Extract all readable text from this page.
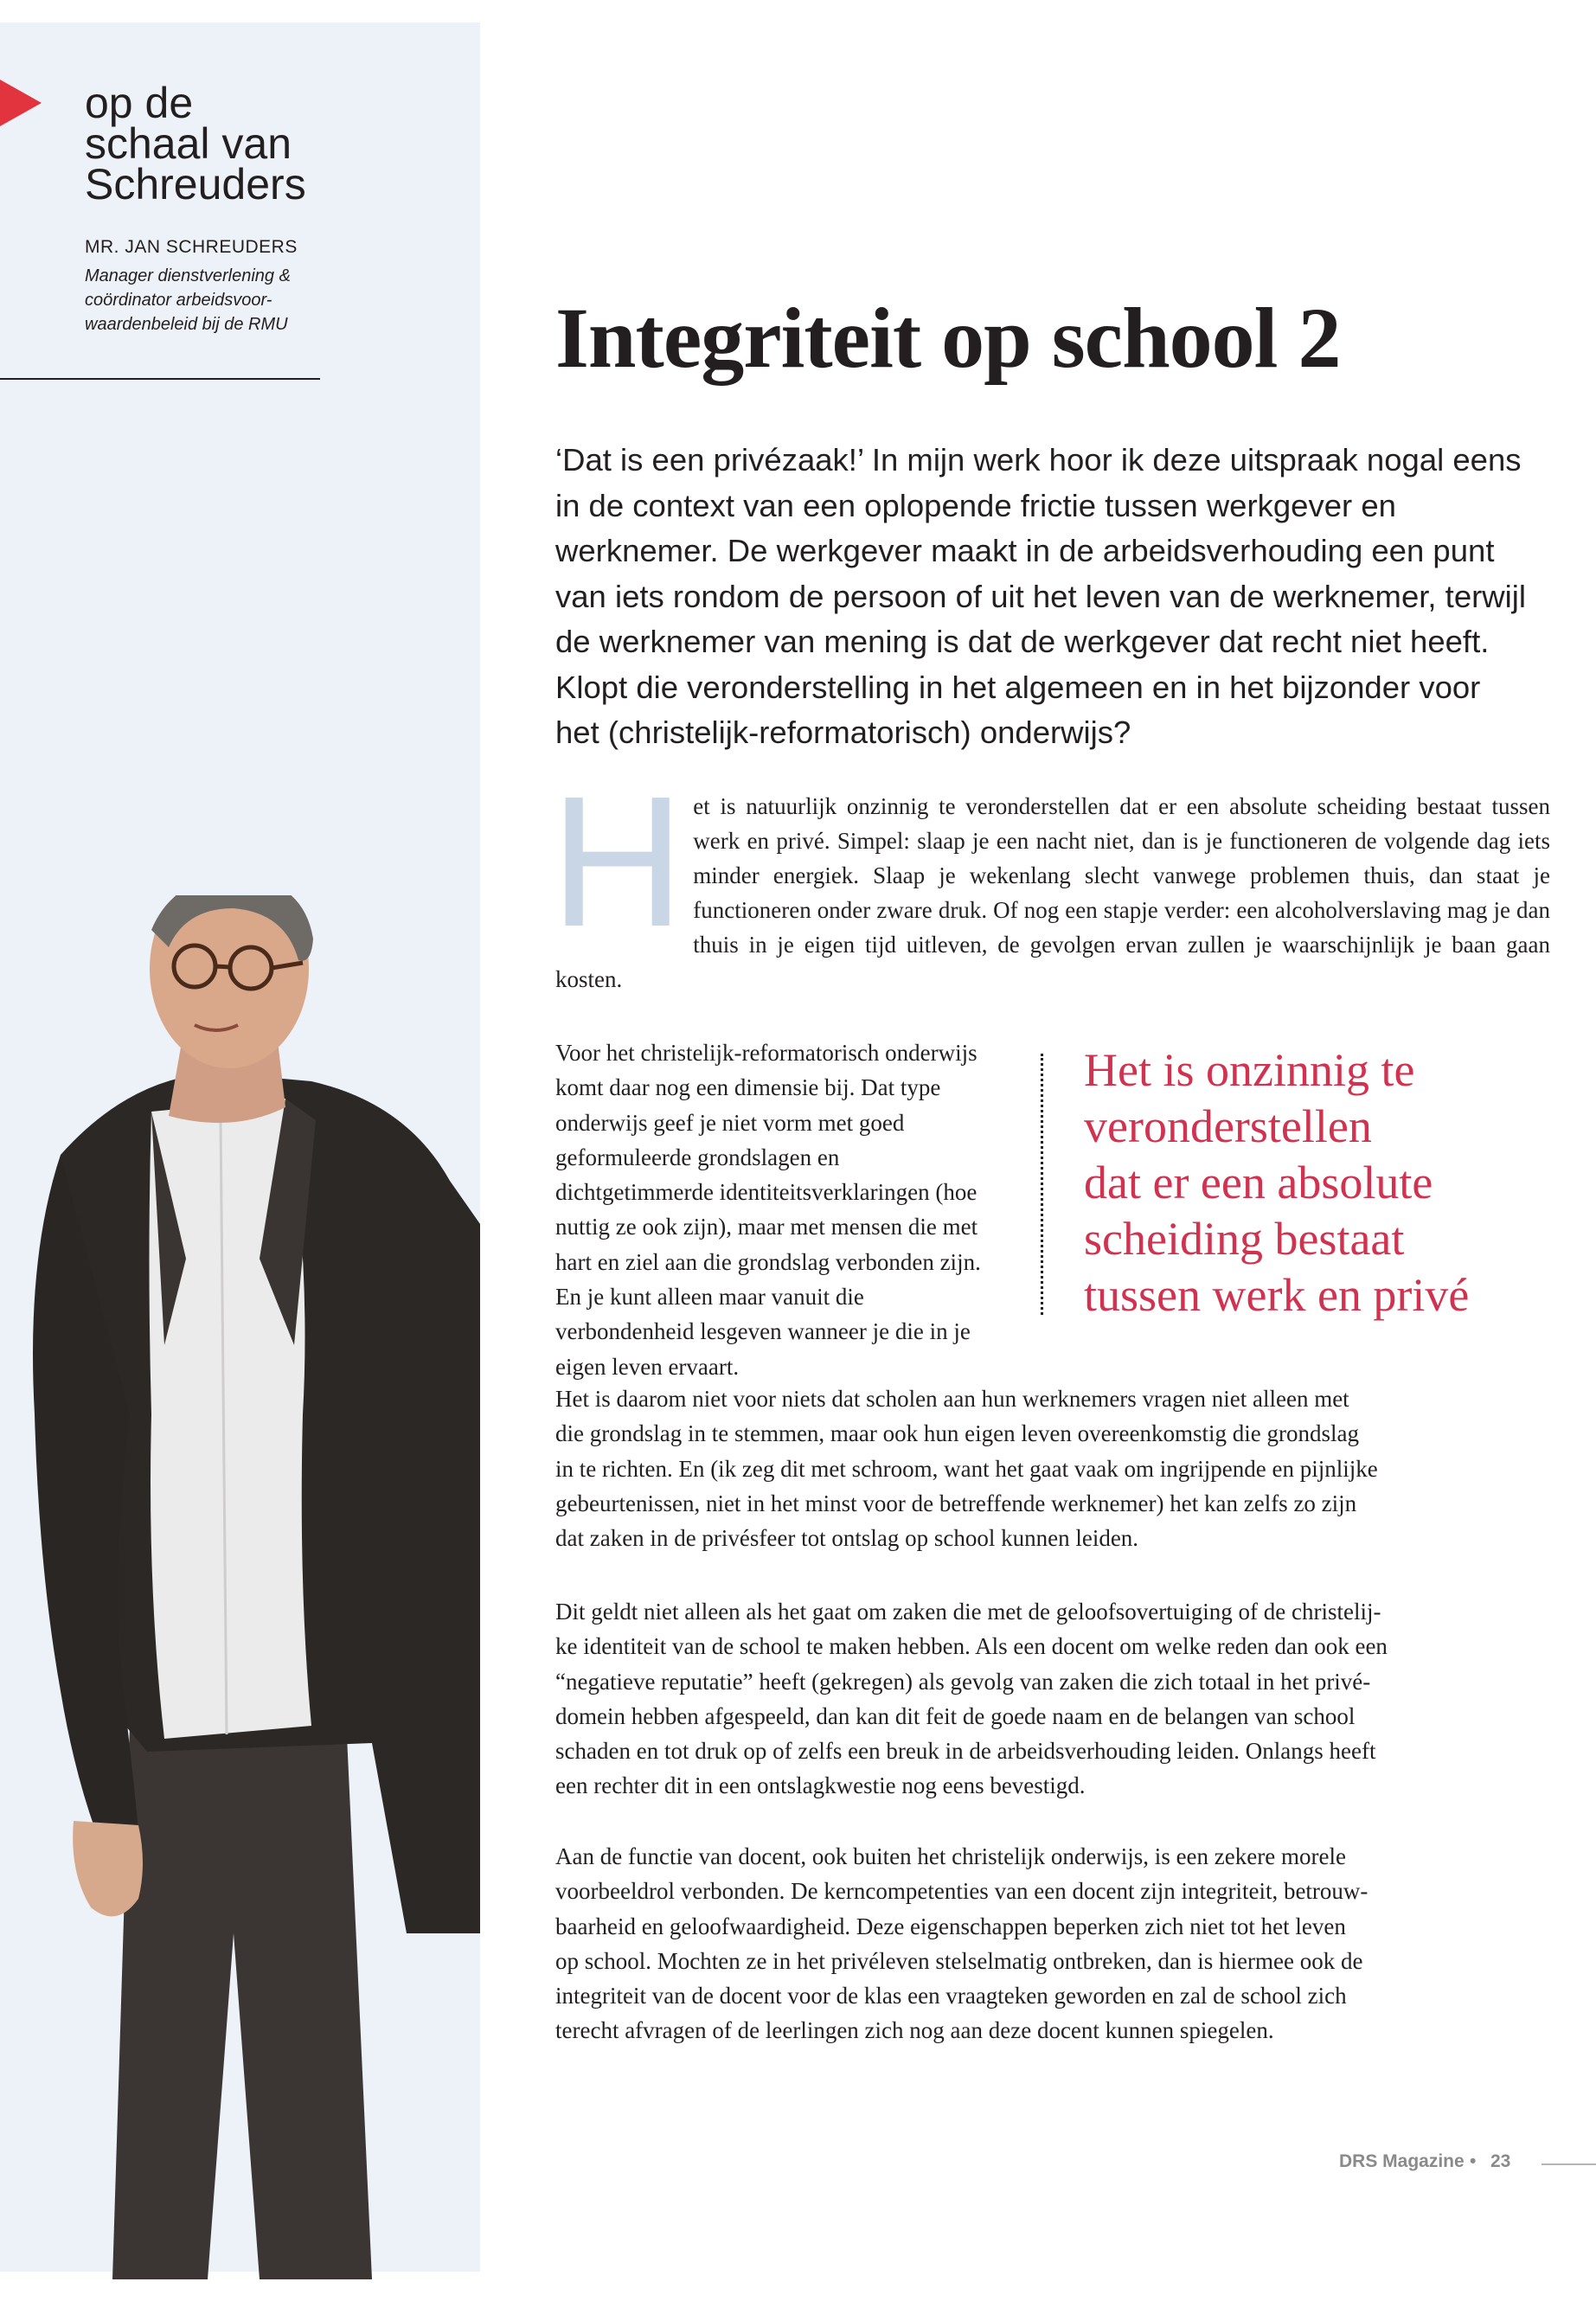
op de
schaal van
Schreuders
MR. JAN SCHREUDERS
Manager dienstverlening & coördinator arbeidsvoor-waardenbeleid bij de RMU	Integriteit op school 2

‘Dat is een privézaak!’ In mijn werk hoor ik deze uitspraak nogal eens in de context van een oplopende frictie tussen werkgever en werknemer. De werkgever maakt in de arbeidsverhouding een punt van iets rondom de persoon of uit het leven van de werknemer, terwijl de werknemer van mening is dat de werkgever dat recht niet heeft. Klopt die veronderstelling in het algemeen en in het bijzonder voor het (christelijk-reformatorisch) onderwijs?

Het is natuurlijk onzinnig te veronderstellen dat er een absolute scheiding bestaat tussen werk en privé. Simpel: slaap je een nacht niet, dan is je functioneren de volgende dag iets minder energiek. Slaap je wekenlang slecht vanwege problemen thuis, dan staat je functioneren onder zware druk. Of nog een stapje verder: een alcoholverslaving mag je dan thuis in je eigen tijd uitleven, de gevolgen ervan zullen je waarschijnlijk je baan gaan kosten.

Voor het christelijk-reformatorisch onderwijs komt daar nog een dimensie bij. Dat type onderwijs geef je niet vorm met goed geformuleerde grondslagen en dichtgetimmerde identiteitsverklaringen (hoe nuttig ze ook zijn), maar met mensen die met hart en ziel aan die grondslag verbonden zijn. En je kunt alleen maar vanuit die verbondenheid lesgeven wanneer je die in je eigen leven ervaart.

Het is onzinnig te
veronderstellen
dat er een absolute
scheiding bestaat
tussen werk en privé

Het is daarom niet voor niets dat scholen aan hun werknemers vragen niet alleen met
die grondslag in te stemmen, maar ook hun eigen leven overeenkomstig die grondslag
in te richten. En (ik zeg dit met schroom, want het gaat vaak om ingrijpende en pijnlijke
gebeurtenissen, niet in het minst voor de betreffende werknemer) het kan zelfs zo zijn
dat zaken in de privésfeer tot ontslag op school kunnen leiden.

Dit geldt niet alleen als het gaat om zaken die met de geloofsovertuiging of de christelij-
ke identiteit van de school te maken hebben. Als een docent om welke reden dan ook een
“negatieve reputatie” heeft (gekregen) als gevolg van zaken die zich totaal in het privé-
domein hebben afgespeeld, dan kan dit feit de goede naam en de belangen van school
schaden en tot druk op of zelfs een breuk in de arbeidsverhouding leiden. Onlangs heeft
een rechter dit in een ontslagkwestie nog eens bevestigd.

Aan de functie van docent, ook buiten het christelijk onderwijs, is een zekere morele
voorbeeldrol verbonden. De kerncompetenties van een docent zijn integriteit, betrouw-
baarheid en geloofwaardigheid. Deze eigenschappen beperken zich niet tot het leven
op school. Mochten ze in het privéleven stelselmatig ontbreken, dan is hiermee ook de
integriteit van de docent voor de klas een vraagteken geworden en zal de school zich
terecht afvragen of de leerlingen zich nog aan deze docent kunnen spiegelen.

DRS Magazine • 23
